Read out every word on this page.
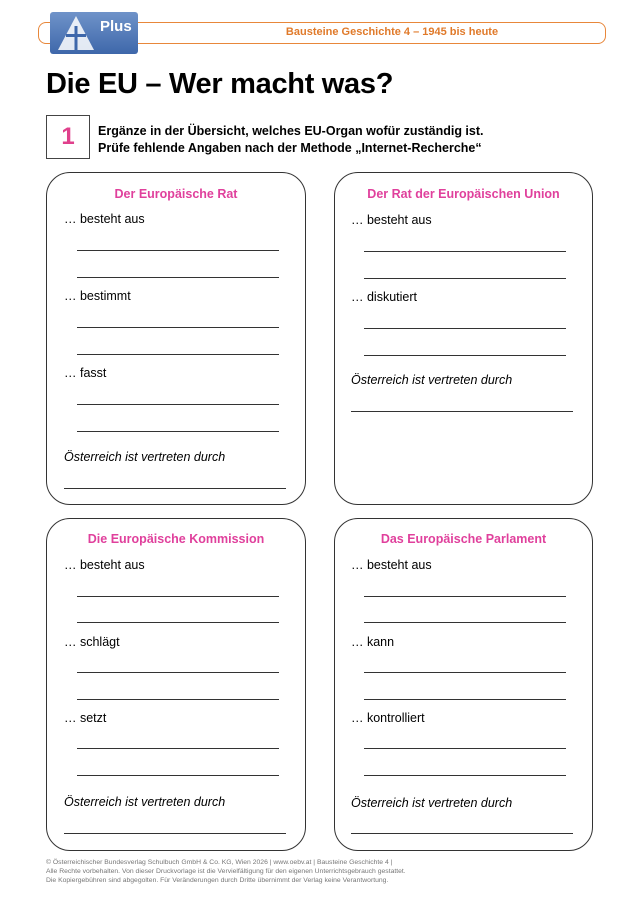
Bausteine Geschichte 4 – 1945 bis heute
Plus
Die EU – Wer macht was?
1	Ergänze in der Übersicht, welches EU-Organ wofür zuständig ist.
Prüfe fehlende Angaben nach der Methode „Internet-Recherche“
Der Europäische Rat
… besteht aus
… bestimmt
… fasst
Österreich ist vertreten durch
Der Rat der Europäischen Union
… besteht aus
… diskutiert
Österreich ist vertreten durch
Die Europäische Kommission
… besteht aus
… schlägt
… setzt
Österreich ist vertreten durch
Das Europäische Parlament
… besteht aus
… kann
… kontrolliert
Österreich ist vertreten durch
© Österreichischer Bundesverlag Schulbuch GmbH & Co. KG, Wien 2026 | www.oebv.at | Bausteine Geschichte 4 |
Alle Rechte vorbehalten. Von dieser Druckvorlage ist die Vervielfältigung für den eigenen Unterrichtsgebrauch gestattet.
Die Kopiergebühren sind abgegolten. Für Veränderungen durch Dritte übernimmt der Verlag keine Verantwortung.
